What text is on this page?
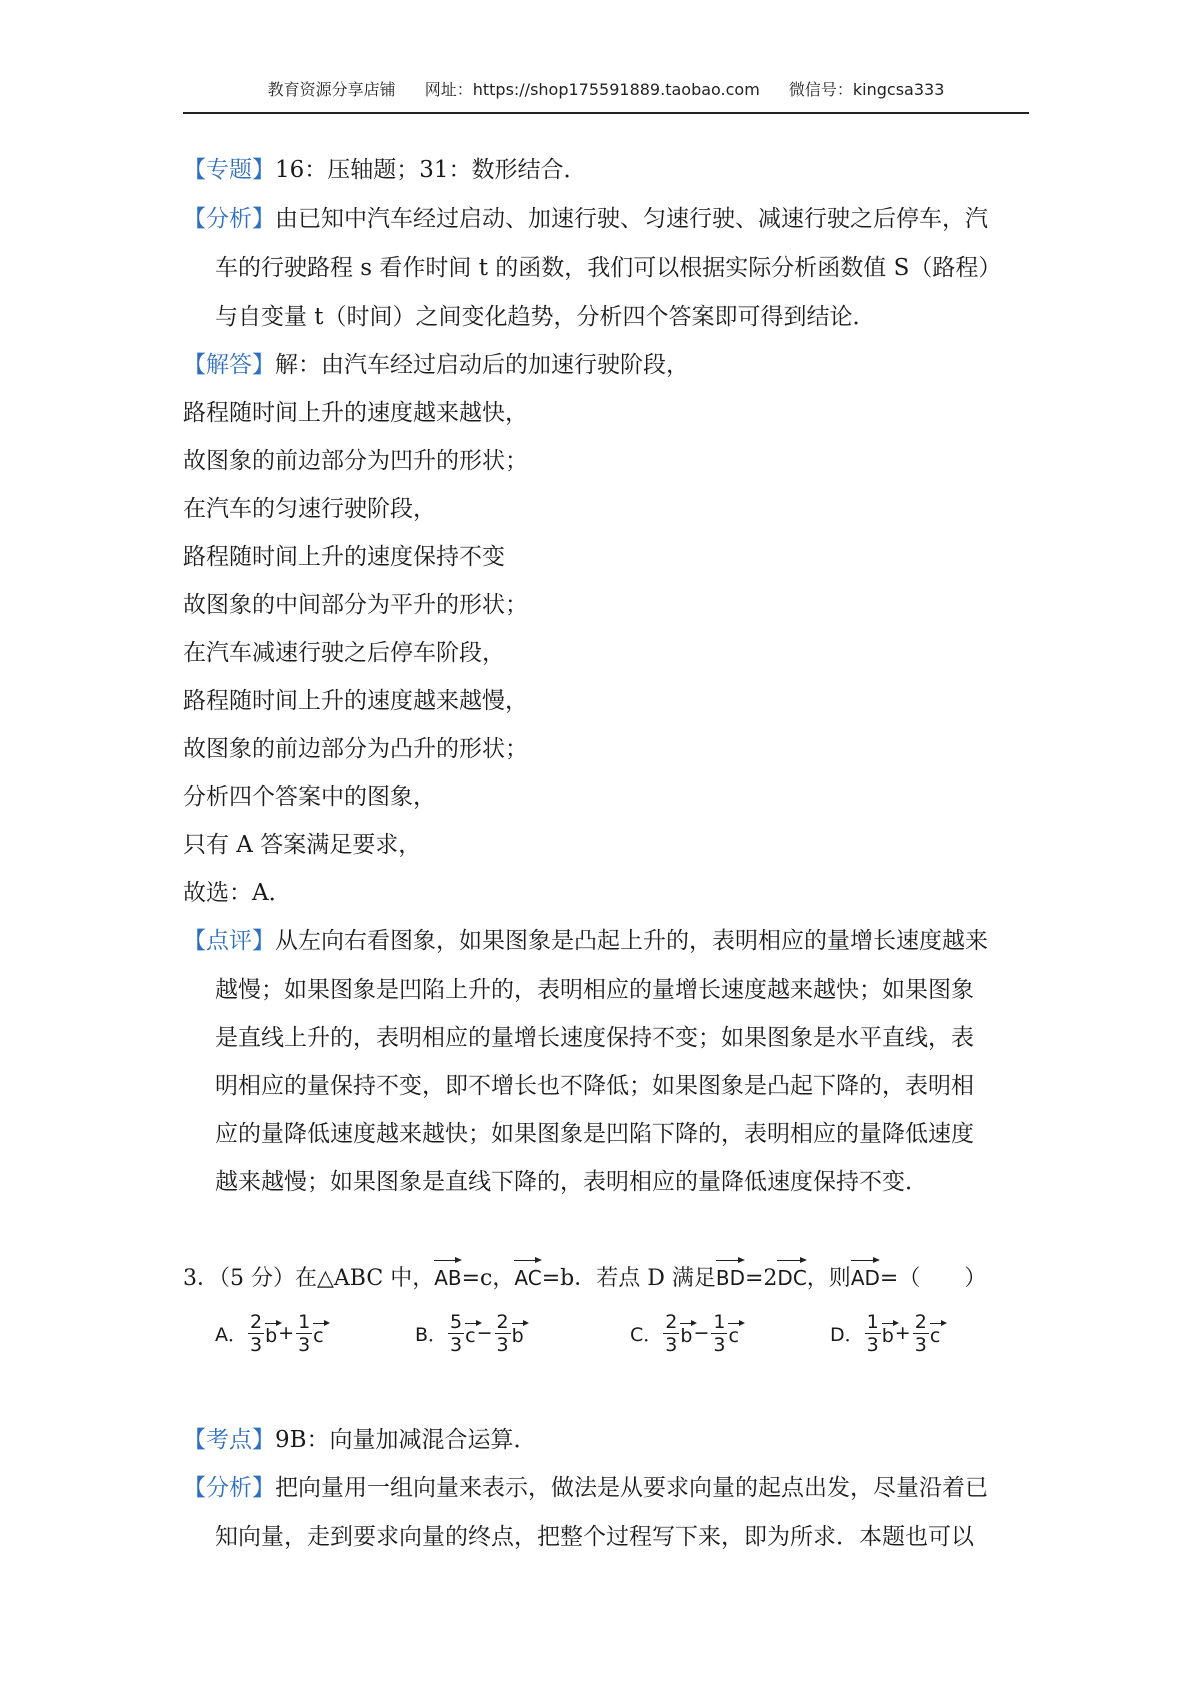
教育资源分享店铺 网址：https://shop175591889.taobao.com 微信号：kingcsa333
【专题】16：压轴题；31：数形结合．
【分析】由已知中汽车经过启动、加速行驶、匀速行驶、减速行驶之后停车，汽
车的行驶路程 s 看作时间 t 的函数，我们可以根据实际分析函数值 S（路程）
与自变量 t（时间）之间变化趋势，分析四个答案即可得到结论．
【解答】解：由汽车经过启动后的加速行驶阶段，
路程随时间上升的速度越来越快，
故图象的前边部分为凹升的形状；
在汽车的匀速行驶阶段，
路程随时间上升的速度保持不变
故图象的中间部分为平升的形状；
在汽车减速行驶之后停车阶段，
路程随时间上升的速度越来越慢，
故图象的前边部分为凸升的形状；
分析四个答案中的图象，
只有 A 答案满足要求，
故选：A．
【点评】从左向右看图象，如果图象是凸起上升的，表明相应的量增长速度越来
越慢；如果图象是凹陷上升的，表明相应的量增长速度越来越快；如果图象
是直线上升的，表明相应的量增长速度保持不变；如果图象是水平直线，表
明相应的量保持不变，即不增长也不降低；如果图象是凸起下降的，表明相
应的量降低速度越来越快；如果图象是凹陷下降的，表明相应的量降低速度
越来越慢；如果图象是直线下降的，表明相应的量降低速度保持不变．
3．（5 分）在△ABC 中，AB=c，AC=b．若点 D 满足BD=2DC，则AD=（　　）
A． $\frac{2}{3}$ $b + \frac{1}{3}$ c	B． $\frac{5}{3}$ $c - \frac{2}{3}$ b	C． $\frac{2}{3}$ $b - \frac{1}{3}$ c	D． $\frac{1}{3}$ $b + \frac{2}{3}$ c
【考点】9B：向量加减混合运算．
【分析】把向量用一组向量来表示，做法是从要求向量的起点出发，尽量沿着已
知向量，走到要求向量的终点，把整个过程写下来，即为所求．本题也可以
